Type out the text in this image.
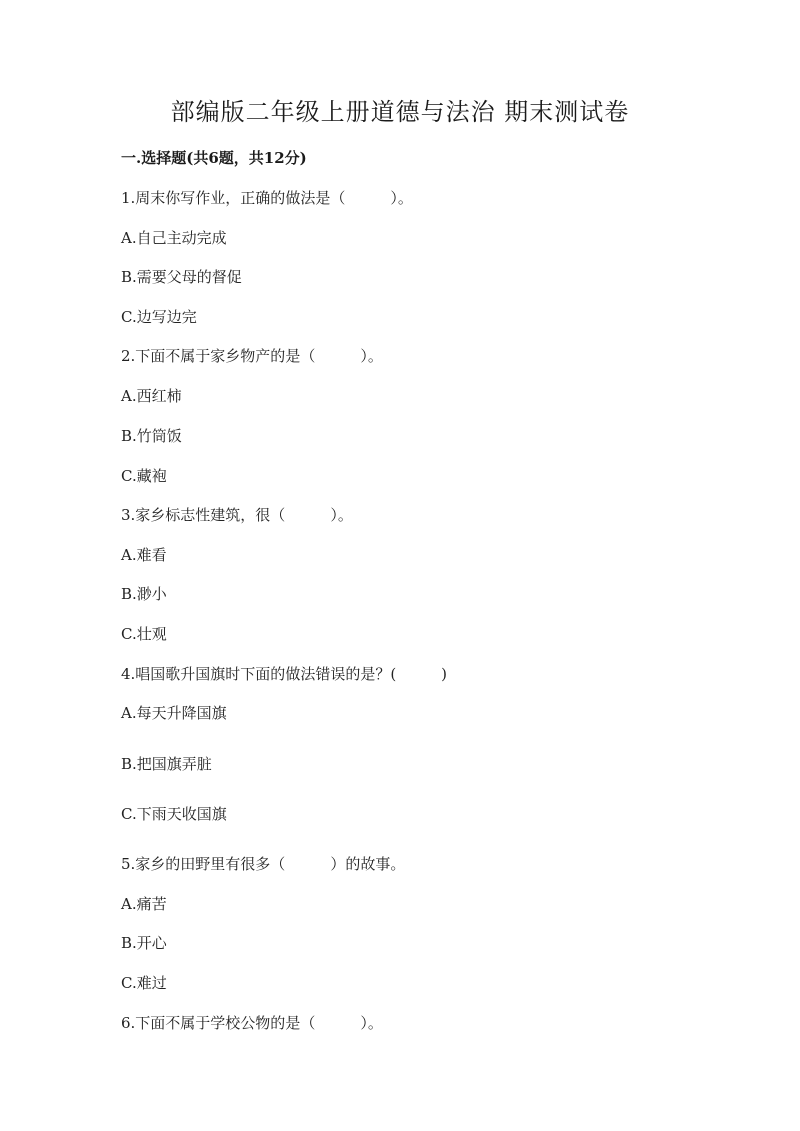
部编版二年级上册道德与法治 期末测试卷
一.选择题(共6题，共12分)
1.周末你写作业，正确的做法是（　　　）。
A.自己主动完成
B.需要父母的督促
C.边写边完
2.下面不属于家乡物产的是（　　　）。
A.西红柿
B.竹筒饭
C.藏袍
3.家乡标志性建筑，很（　　　）。
A.难看
B.渺小
C.壮观
4.唱国歌升国旗时下面的做法错误的是？(　　　)
A.每天升降国旗
B.把国旗弄脏
C.下雨天收国旗
5.家乡的田野里有很多（　　　）的故事。
A.痛苦
B.开心
C.难过
6.下面不属于学校公物的是（　　　）。
